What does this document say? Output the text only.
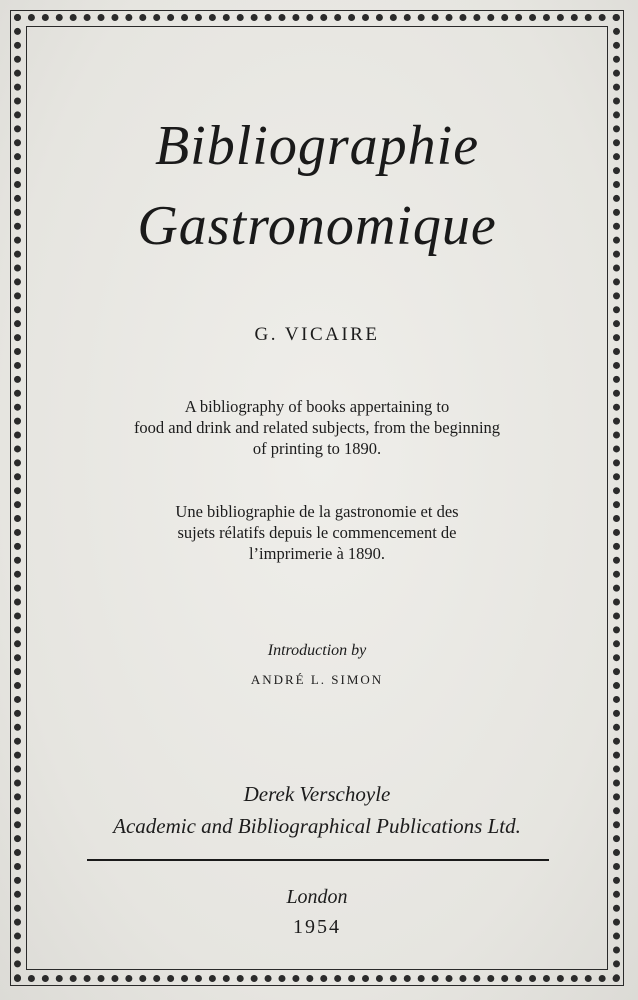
Bibliographie
Gastronomique
G. VICAIRE
A bibliography of books appertaining to
food and drink and related subjects, from the beginning
of printing to 1890.
Une bibliographie de la gastronomie et des
sujets rélatifs depuis le commencement de
l’imprimerie à 1890.
Introduction by
ANDRÉ L. SIMON
Derek Verschoyle
Academic and Bibliographical Publications Ltd.
London
1954
